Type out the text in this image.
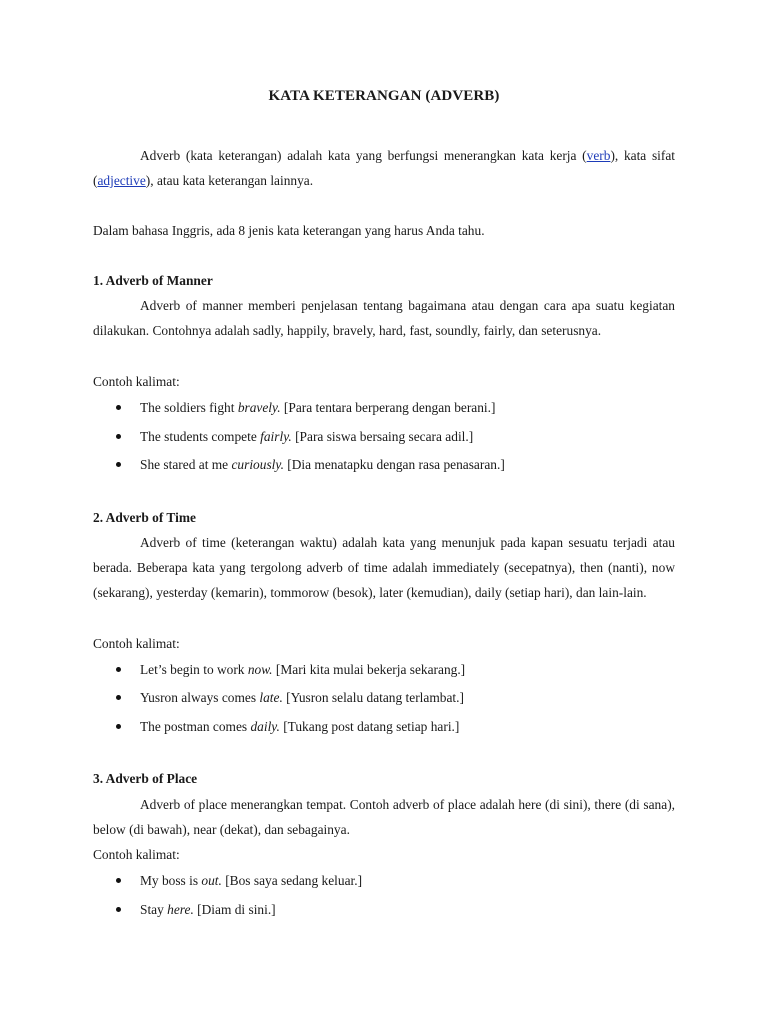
KATA KETERANGAN (ADVERB)
Adverb (kata keterangan) adalah kata yang berfungsi menerangkan kata kerja (verb), kata sifat (adjective), atau kata keterangan lainnya.
Dalam bahasa Inggris, ada 8 jenis kata keterangan yang harus Anda tahu.
1. Adverb of Manner
Adverb of manner memberi penjelasan tentang bagaimana atau dengan cara apa suatu kegiatan dilakukan. Contohnya adalah sadly, happily, bravely, hard, fast, soundly, fairly, dan seterusnya.
Contoh kalimat:
The soldiers fight bravely. [Para tentara berperang dengan berani.]
The students compete fairly. [Para siswa bersaing secara adil.]
She stared at me curiously. [Dia menatapku dengan rasa penasaran.]
2. Adverb of Time
Adverb of time (keterangan waktu) adalah kata yang menunjuk pada kapan sesuatu terjadi atau berada. Beberapa kata yang tergolong adverb of time adalah immediately (secepatnya), then (nanti), now (sekarang), yesterday (kemarin), tommorow (besok), later (kemudian), daily (setiap hari), dan lain-lain.
Contoh kalimat:
Let’s begin to work now. [Mari kita mulai bekerja sekarang.]
Yusron always comes late. [Yusron selalu datang terlambat.]
The postman comes daily. [Tukang post datang setiap hari.]
3. Adverb of Place
Adverb of place menerangkan tempat. Contoh adverb of place adalah here (di sini), there (di sana), below (di bawah), near (dekat), dan sebagainya.
Contoh kalimat:
My boss is out. [Bos saya sedang keluar.]
Stay here. [Diam di sini.]
